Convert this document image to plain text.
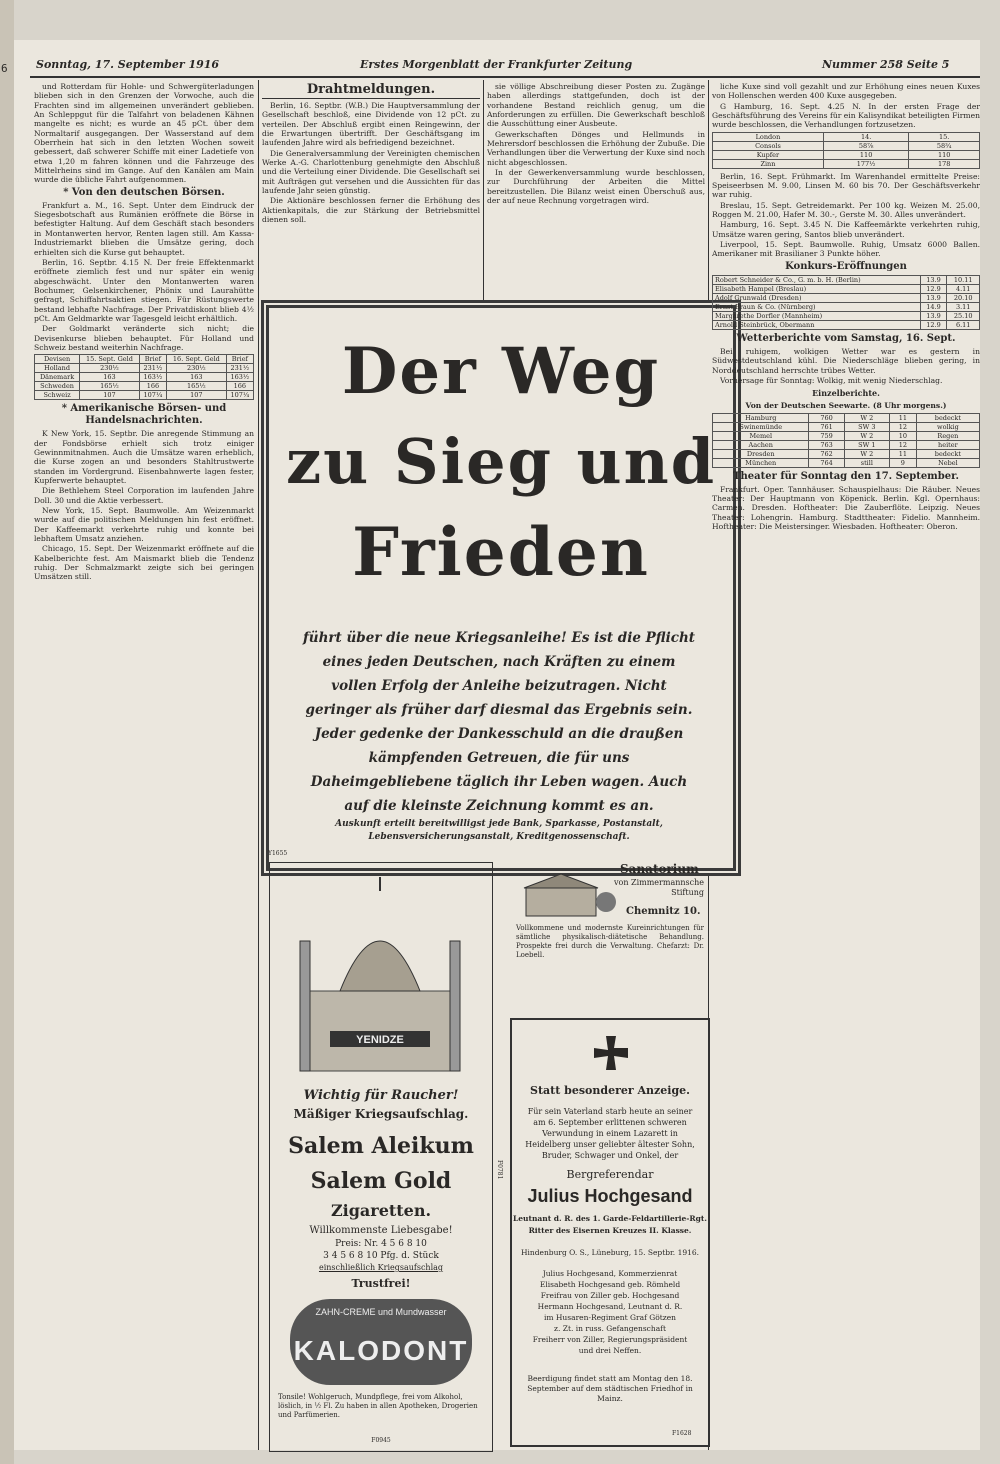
6	Sonntag, 17. September 1916	Erstes Morgenblatt der Frankfurter Zeitung	Nummer 258 Seite 5

und Rotterdam für Hohle- und Schwergüterladungen blieben sich in den Grenzen der Vorwoche, auch die Frachten sind im allgemeinen unverändert geblieben. An Schleppgut für die Talfahrt von beladenen Kähnen mangelte es nicht; es wurde an 45 pCt. über dem Normaltarif ausgegangen. Der Wasserstand auf dem Oberrhein hat sich in den letzten Wochen soweit gebessert, daß schwerer Schiffe mit einer Ladetiefe von etwa 1,20 m fahren können und die Fahrzeuge des Mittelrheins sind im Gange. Auf den Kanälen am Main wurde die übliche Fahrt aufgenommen.

* Von den deutschen Börsen.

Frankfurt a. M., 16. Sept. Unter dem Eindruck der Siegesbotschaft aus Rumänien eröffnete die Börse in befestigter Haltung. Auf dem Geschäft stach besonders in Montanwerten hervor, Renten lagen still. Am Kassa-Industriemarkt blieben die Umsätze gering, doch erhielten sich die Kurse gut behauptet.

Berlin, 16. Septbr. 4.15 N. Der freie Effektenmarkt eröffnete ziemlich fest und nur später ein wenig abgeschwächt. Unter den Montanwerten waren Bochumer, Gelsenkirchener, Phönix und Laurahütte gefragt, Schiffahrtsaktien stiegen. Für Rüstungswerte bestand lebhafte Nachfrage. Der Privatdiskont blieb 4½ pCt. Am Geldmarkte war Tagesgeld leicht erhältlich.

Der Goldmarkt veränderte sich nicht; die Devisenkurse blieben behauptet. Für Holland und Schweiz bestand weiterhin Nachfrage.

Devisen	15. Sept. Geld	Brief	16. Sept. Geld	Brief
Holland	230½	231½	230½	231½
Dänemark	163	163½	163	163½
Schweden	165½	166	165½	166
Schweiz	107	107¼	107	107¼
* Amerikanische Börsen- und Handelsnachrichten.

K New York, 15. Septbr. Die anregende Stimmung an der Fondsbörse erhielt sich trotz einiger Gewinnmitnahmen. Auch die Umsätze waren erheblich, die Kurse zogen an und besonders Stahltrustwerte standen im Vordergrund. Eisenbahnwerte lagen fester, Kupferwerte behauptet.

Die Bethlehem Steel Corporation im laufenden Jahre Doll. 30 und die Aktie verbessert.

New York, 15. Sept. Baumwolle. Am Weizenmarkt wurde auf die politischen Meldungen hin fest eröffnet. Der Kaffeemarkt verkehrte ruhig und konnte bei lebhaftem Umsatz anziehen.

Chicago, 15. Sept. Der Weizenmarkt eröffnete auf die Kabelberichte fest. Am Maismarkt blieb die Tendenz ruhig. Der Schmalzmarkt zeigte sich bei geringen Umsätzen still.

Drahtmeldungen.

Berlin, 16. Septbr. (W.B.) Die Hauptversammlung der Gesellschaft beschloß, eine Dividende von 12 pCt. zu verteilen. Der Abschluß ergibt einen Reingewinn, der die Erwartungen übertrifft. Der Geschäftsgang im laufenden Jahre wird als befriedigend bezeichnet.

Die Generalversammlung der Vereinigten chemischen Werke A.-G. Charlottenburg genehmigte den Abschluß und die Verteilung einer Dividende. Die Gesellschaft sei mit Aufträgen gut versehen und die Aussichten für das laufende Jahr seien günstig.

Die Aktionäre beschlossen ferner die Erhöhung des Aktienkapitals, die zur Stärkung der Betriebsmittel dienen soll.

sie völlige Abschreibung dieser Posten zu. Zugänge haben allerdings stattgefunden, doch ist der vorhandene Bestand reichlich genug, um die Anforderungen zu erfüllen. Die Gewerkschaft beschloß die Ausschüttung einer Ausbeute.

Gewerkschaften Dönges und Hellmunds in Mehrersdorf beschlossen die Erhöhung der Zubuße. Die Verhandlungen über die Verwertung der Kuxe sind noch nicht abgeschlossen.

In der Gewerkenversammlung wurde beschlossen, zur Durchführung der Arbeiten die Mittel bereitzustellen. Die Bilanz weist einen Überschuß aus, der auf neue Rechnung vorgetragen wird.

Der Weg
zu Sieg und
Frieden
führt über die neue Kriegsanleihe! Es ist die Pflicht eines jeden Deutschen, nach Kräften zu einem vollen Erfolg der Anleihe beizutragen. Nicht geringer als früher darf diesmal das Ergebnis sein. Jeder gedenke der Dankesschuld an die draußen kämpfenden Getreuen, die für uns Daheimgebliebene täglich ihr Leben wagen. Auch auf die kleinste Zeichnung kommt es an.
Auskunft erteilt bereitwilligst jede Bank, Sparkasse, Postanstalt, Lebensversicherungsanstalt, Kreditgenossenschaft.
Y1655
YENIDZE
Wichtig für Raucher!
Mäßiger Kriegsaufschlag.
Salem Aleikum
Salem Gold
Zigaretten.
Willkommenste Liebesgabe!
Preis: Nr. 4 5 6 8 10
3 4 5 6 8 10 Pfg. d. Stück
einschließlich Kriegsaufschlag
Trustfrei!
ZAHN-CREME und Mundwasser
KALODONT
Tonsile! Wohlgeruch, Mundpflege, frei vom Alkohol, löslich, in ½ Fl. Zu haben in allen Apotheken, Drogerien und Parfümerien.
F0945
F0781
Sanatorium
von Zimmermannsche Stiftung
Chemnitz 10.
Vollkommene und modernste Kureinrichtungen für sämtliche physikalisch-diätetische Behandlung. Prospekte frei durch die Verwaltung. Chefarzt: Dr. Loebell.
Statt besonderer Anzeige.
Für sein Vaterland starb heute an seiner am 6. September erlittenen schweren Verwundung in einem Lazarett in Heidelberg unser geliebter ältester Sohn, Bruder, Schwager und Onkel, der
Bergreferendar
Julius Hochgesand
Leutnant d. R. des 1. Garde-Feldartillerie-Rgt.
Ritter des Eisernen Kreuzes II. Klasse.
Hindenburg O. S., Lüneburg, 15. Septbr. 1916.
Julius Hochgesand, Kommerzienrat
Elisabeth Hochgesand geb. Römheld
Freifrau von Ziller geb. Hochgesand
Hermann Hochgesand, Leutnant d. R.
im Husaren-Regiment Graf Götzen
z. Zt. in russ. Gefangenschaft
Freiherr von Ziller, Regierungspräsident
und drei Neffen.
Beerdigung findet statt am Montag den 18. September auf dem städtischen Friedhof in Mainz.
F1628

liche Kuxe sind voll gezahlt und zur Erhöhung eines neuen Kuxes von Hollenschen werden 400 Kuxe ausgegeben.

G Hamburg, 16. Sept. 4.25 N. In der ersten Frage der Geschäftsführung des Vereins für ein Kalisyndikat beteiligten Firmen wurde beschlossen, die Verhandlungen fortzusetzen.

London	14.	15.
Consols	58⅞	58¾
Kupfer	110	110
Zinn	177½	178

Berlin, 16. Sept. Frühmarkt. Im Warenhandel ermittelte Preise: Speiseerbsen M. 9.00, Linsen M. 60 bis 70. Der Geschäftsverkehr war ruhig.

Breslau, 15. Sept. Getreidemarkt. Per 100 kg. Weizen M. 25.00, Roggen M. 21.00, Hafer M. 30.-, Gerste M. 30. Alles unverändert.

Hamburg, 16. Sept. 3.45 N. Die Kaffeemärkte verkehrten ruhig, Umsätze waren gering, Santos blieb unverändert.

Liverpool, 15. Sept. Baumwolle. Ruhig, Umsatz 6000 Ballen. Amerikaner mit Brasilianer 3 Punkte höher.

Konkurs-Eröffnungen
Robert Schneider & Co., G. m. b. H. (Berlin)	13.9	10.11
Elisabeth Hampel (Breslau)	12.9	4.11
Adolf Grunwald (Dresden)	13.9	20.10
Ernst Braun & Co. (Nürnberg)	14.9	3.11
Margarethe Dorfler (Mannheim)	13.9	25.10
Arnold Steinbrück, Obermann	12.9	6.11
Wetterberichte vom Samstag, 16. Sept.

Bei ruhigem, wolkigen Wetter war es gestern in Südwestdeutschland kühl. Die Niederschläge blieben gering, in Norddeutschland herrschte trübes Wetter.

Vorhersage für Sonntag: Wolkig, mit wenig Niederschlag.

Einzelberichte.
Von der Deutschen Seewarte. (8 Uhr morgens.)
Hamburg	760	W 2	11	bedeckt
Swinemünde	761	SW 3	12	wolkig
Memel	759	W 2	10	Regen
Aachen	763	SW 1	12	heiter
Dresden	762	W 2	11	bedeckt
München	764	still	9	Nebel
Theater für Sonntag den 17. September.

Frankfurt. Oper. Tannhäuser. Schauspielhaus: Die Räuber. Neues Theater: Der Hauptmann von Köpenick. Berlin. Kgl. Opernhaus: Carmen. Dresden. Hoftheater: Die Zauberflöte. Leipzig. Neues Theater: Lohengrin. Hamburg. Stadttheater: Fidelio. Mannheim. Hoftheater: Die Meistersinger. Wiesbaden. Hoftheater: Oberon.
